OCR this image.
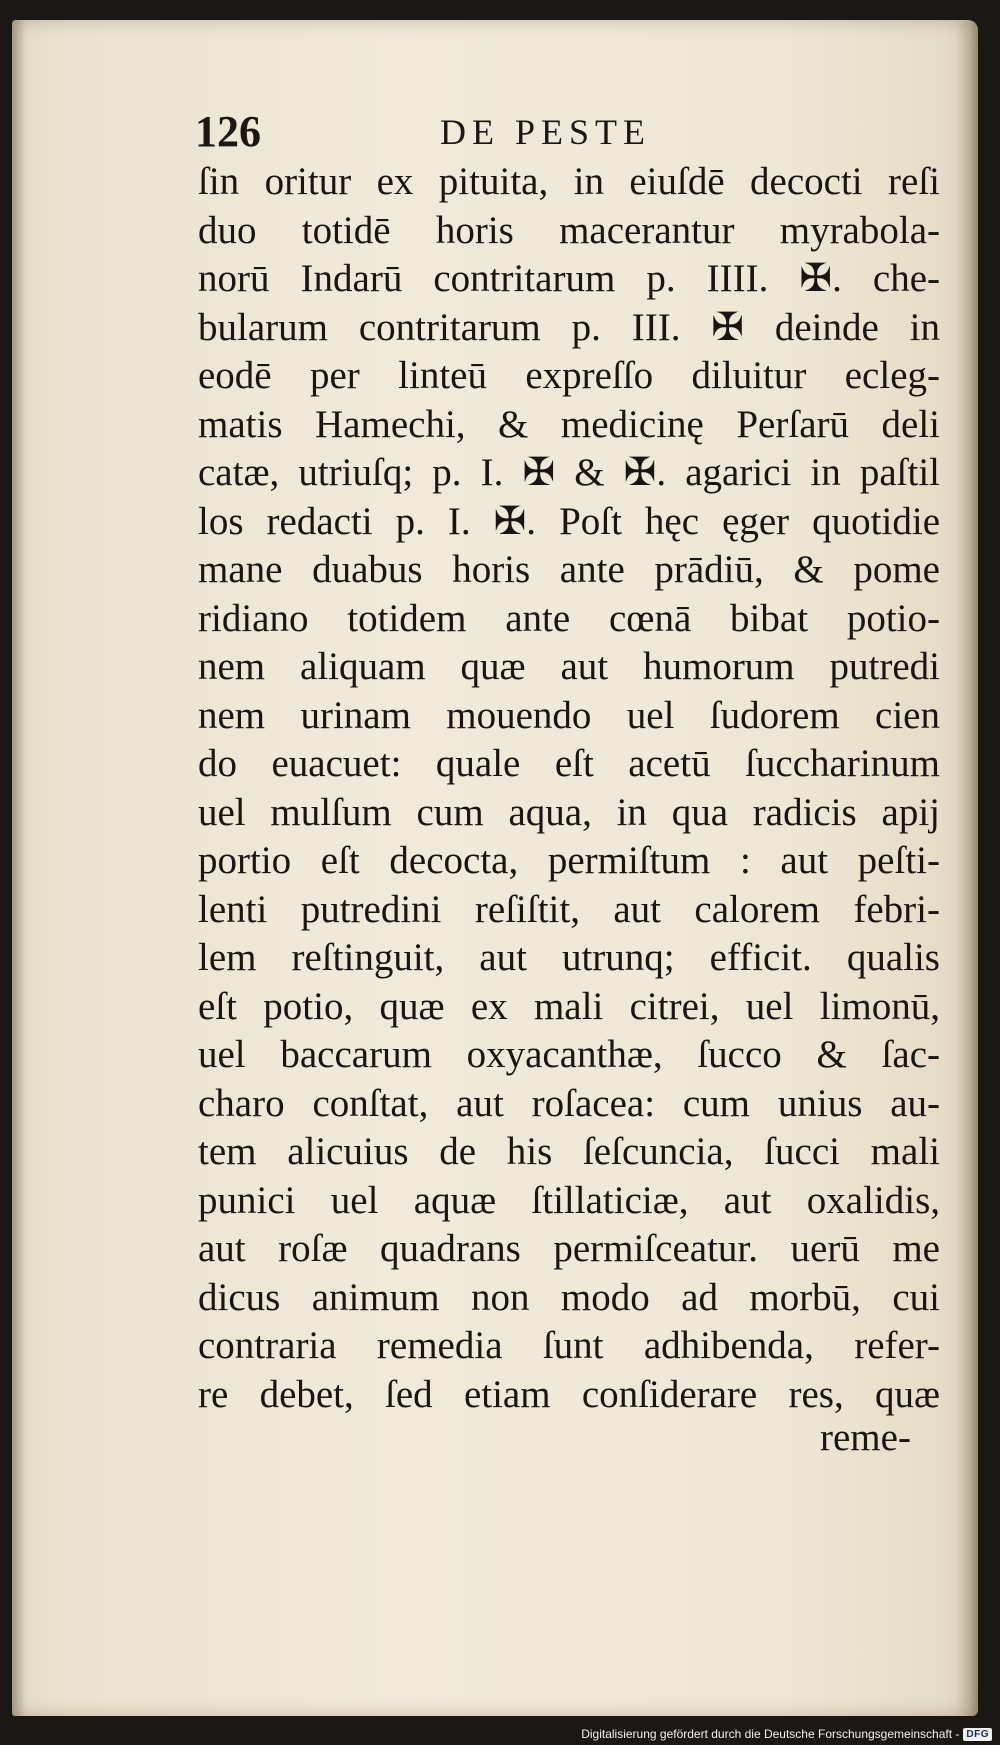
126	DE PESTE
ſin oritur ex pituita, in eiuſdē decocti reſi
duo totidē horis macerantur myrabola-
norū Indarū contritarum p. IIII. ✠. che-
bularum contritarum p. III. ✠ deinde in
eodē per linteū expreſſo diluitur ecleg-
matis Hamechi, & medicinę Perſarū deli
catæ, utriuſq; p. I. ✠ & ✠. agarici in paſtil
los redacti p. I. ✠. Poſt hęc ęger quotidie
mane duabus horis ante prādiū, & pome
ridiano totidem ante cœnā bibat potio-
nem aliquam quæ aut humorum putredi
nem urinam mouendo uel ſudorem cien
do euacuet: quale eſt acetū ſuccharinum
uel mulſum cum aqua, in qua radicis apij
portio eſt decocta, permiſtum : aut peſti-
lenti putredini reſiſtit, aut calorem febri-
lem reſtinguit, aut utrunq; efficit. qualis
eſt potio, quæ ex mali citrei, uel limonū,
uel baccarum oxyacanthæ, ſucco & ſac-
charo conſtat, aut roſacea: cum unius au-
tem alicuius de his ſeſcuncia, ſucci mali
punici uel aquæ ſtillaticiæ, aut oxalidis,
aut roſæ quadrans permiſceatur. uerū me
dicus animum non modo ad morbū, cui
contraria remedia ſunt adhibenda, refer-
re debet, ſed etiam conſiderare res, quæ
reme-
Digitalisierung gefördert durch die Deutsche Forschungsgemeinschaft - DFG
